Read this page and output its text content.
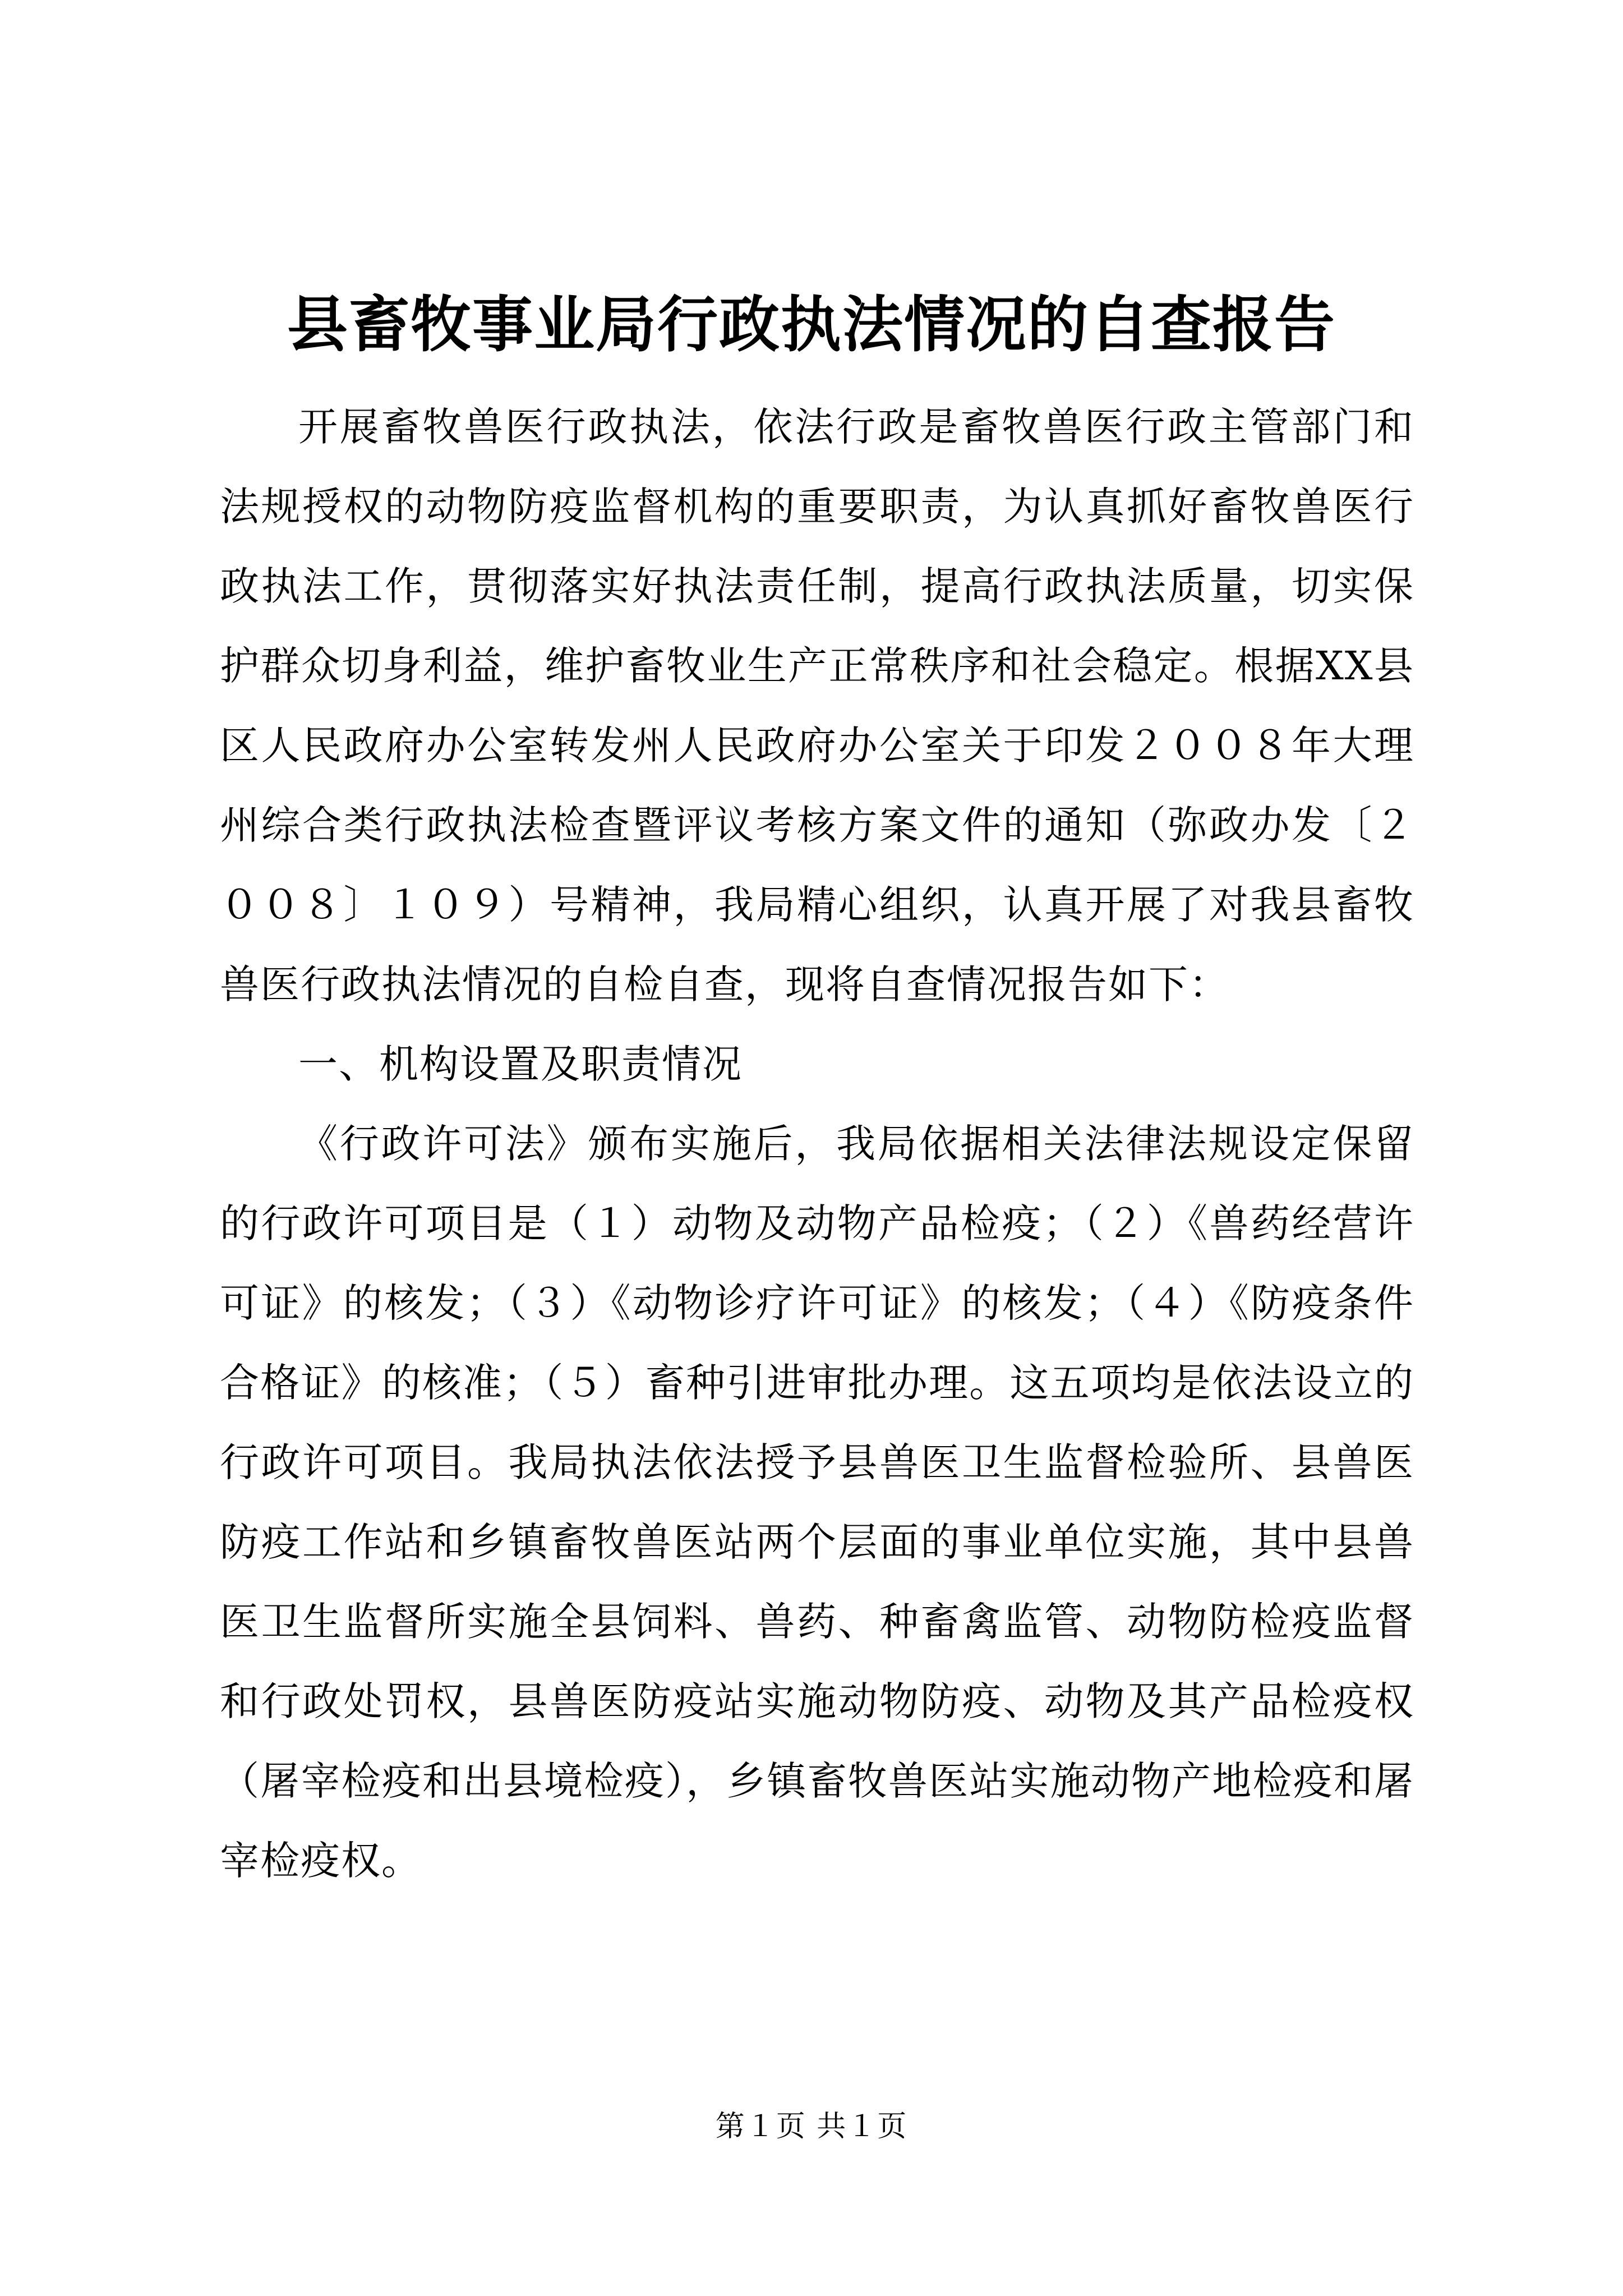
县畜牧事业局行政执法情况的自查报告

开展畜牧兽医行政执法，依法行政是畜牧兽医行政主管部门和法规授权的动物防疫监督机构的重要职责，为认真抓好畜牧兽医行政执法工作，贯彻落实好执法责任制，提高行政执法质量，切实保护群众切身利益，维护畜牧业生产正常秩序和社会稳定。根据XX县区人民政府办公室转发州人民政府办公室关于印发２００８年大理州综合类行政执法检查暨评议考核方案文件的通知（弥政办发〔２００８〕１０９）号精神，我局精心组织，认真开展了对我县畜牧兽医行政执法情况的自检自查，现将自查情况报告如下：

一、机构设置及职责情况

《行政许可法》颁布实施后，我局依据相关法律法规设定保留的行政许可项目是（１）动物及动物产品检疫；（２）《兽药经营许可证》的核发；（３）《动物诊疗许可证》的核发；（４）《防疫条件合格证》的核准；（５）畜种引进审批办理。这五项均是依法设立的行政许可项目。我局执法依法授予县兽医卫生监督检验所、县兽医防疫工作站和乡镇畜牧兽医站两个层面的事业单位实施，其中县兽医卫生监督所实施全县饲料、兽药、种畜禽监管、动物防检疫监督和行政处罚权，县兽医防疫站实施动物防疫、动物及其产品检疫权（屠宰检疫和出县境检疫），乡镇畜牧兽医站实施动物产地检疫和屠宰检疫权。

第１页 共１页
